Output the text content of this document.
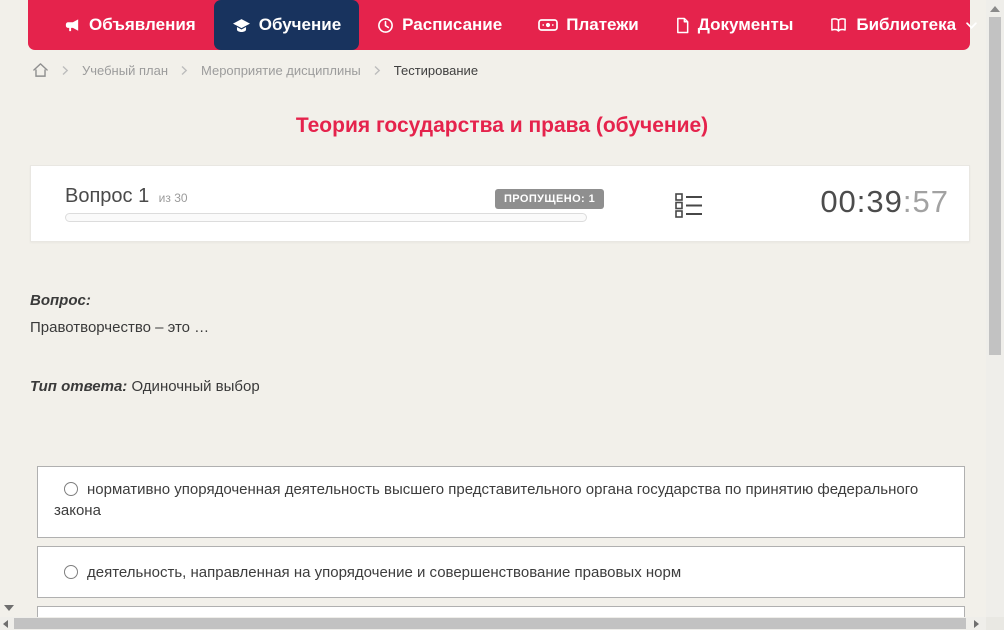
Объявления	Обучение	Расписание	Платежи	Документы	Библиотека
Учебный план	Мероприятие дисциплины	Тестирование
Теория государства и права (обучение)
Вопрос 1 из 30	ПРОПУЩЕНО: 1	00:39:57
Вопрос:
Правотворчество – это …
Тип ответа: Одиночный выбор
нормативно упорядоченная деятельность высшего представительного органа государства по принятию федерального закона
деятельность, направленная на упорядочение и совершенствование правовых норм
